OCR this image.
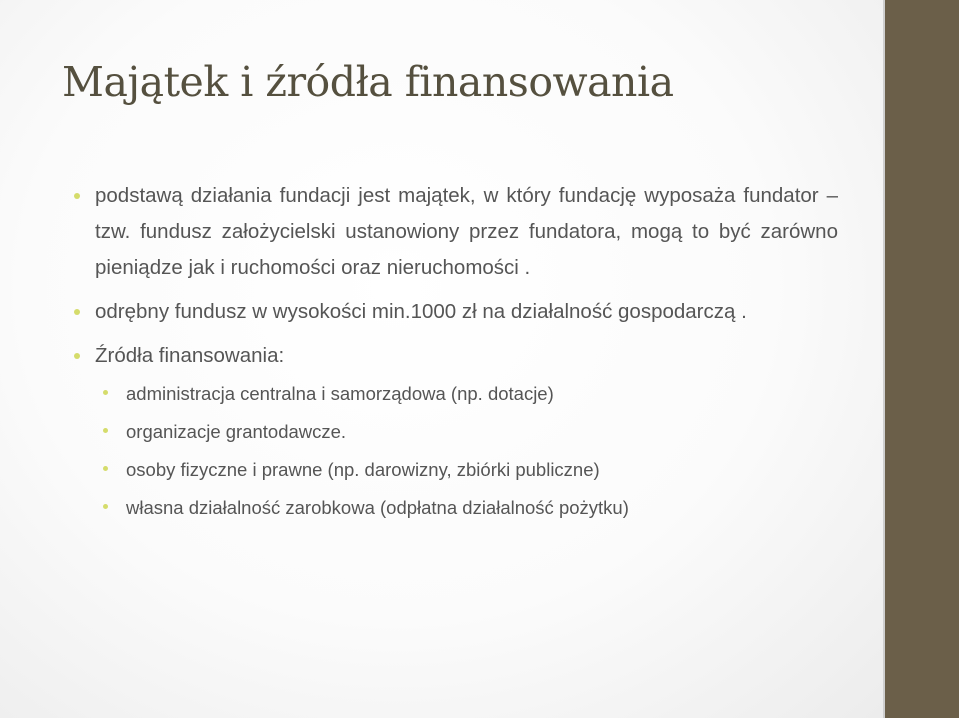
Majątek i źródła finansowania
podstawą działania fundacji jest majątek, w który fundację wyposaża fundator – tzw. fundusz założycielski ustanowiony przez fundatora, mogą to być zarówno pieniądze jak i ruchomości oraz nieruchomości .
odrębny fundusz w wysokości min.1000 zł na działalność gospodarczą .
Źródła finansowania:
administracja centralna i samorządowa (np. dotacje)
organizacje grantodawcze.
osoby fizyczne i prawne (np. darowizny, zbiórki publiczne)
własna działalność zarobkowa (odpłatna działalność pożytku)
